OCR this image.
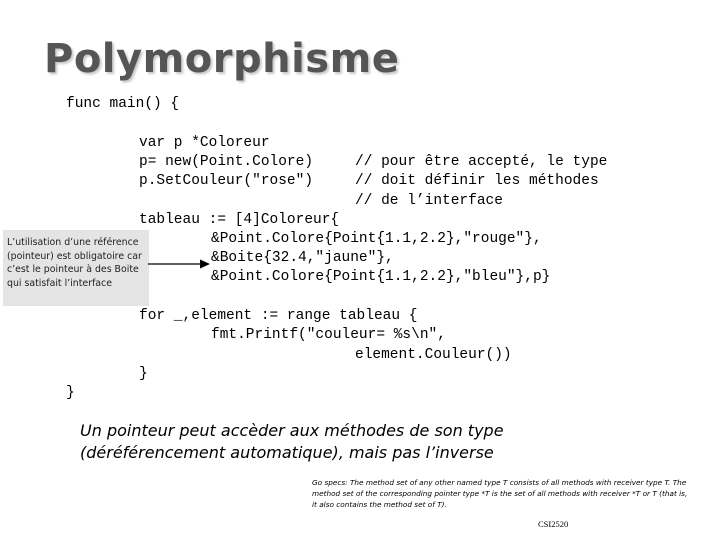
Polymorphisme

func main() {

var p *Coloreur

p= new(Point.Colore)

	// pour être accepté, le type

p.SetCouleur("rose")

	// doit définir les méthodes

// de l’interface

tableau := [4]Coloreur{

&Point.Colore{Point{1.1,2.2},"rouge"},

&Boite{32.4,"jaune"},

&Point.Colore{Point{1.1,2.2},"bleu"},p}

for _,element := range tableau {

fmt.Printf("couleur= %s\n",

element.Couleur())

}

}

L’utilisation d’une référence (pointeur) est obligatoire car c’est le pointeur à des Boite qui satisfait l’interface
Un pointeur peut accèder aux méthodes de son type (déréférencement automatique), mais pas l’inverse
Go specs: The method set of any other named type T consists of all methods with receiver type T. The method set of the corresponding pointer type *T is the set of all methods with receiver *T or T (that is, it also contains the method set of T).
CSI2520
